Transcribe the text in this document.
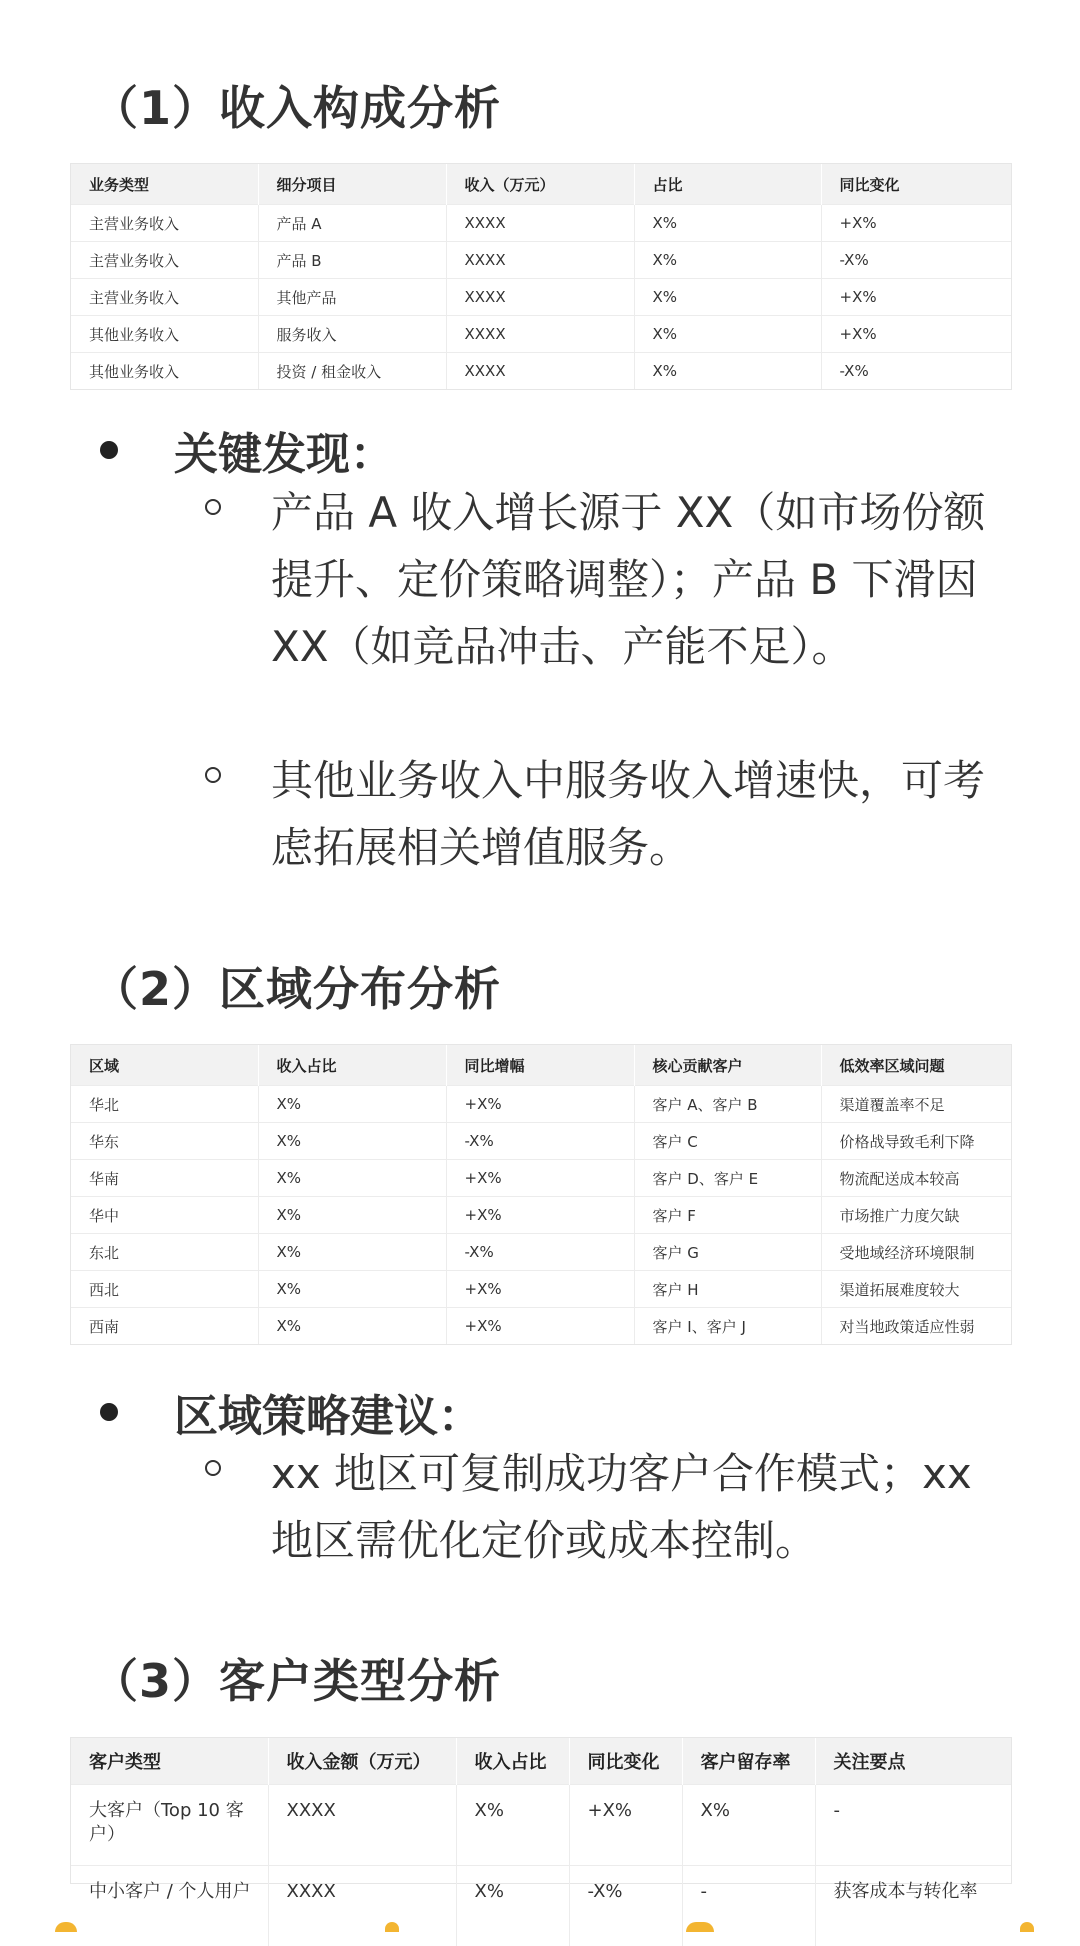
（1）收入构成分析
业务类型	细分项目	收入（万元）	占比	同比变化
主营业务收入	产品 A	XXXX	X%	+X%
主营业务收入	产品 B	XXXX	X%	-X%
主营业务收入	其他产品	XXXX	X%	+X%
其他业务收入	服务收入	XXXX	X%	+X%
其他业务收入	投资 / 租金收入	XXXX	X%	-X%
关键发现：
产品 A 收入增长源于 XX（如市场份额提升、定价策略调整）；产品 B 下滑因 XX（如竞品冲击、产能不足）。
其他业务收入中服务收入增速快，可考虑拓展相关增值服务。
（2）区域分布分析
区域	收入占比	同比增幅	核心贡献客户	低效率区域问题
华北	X%	+X%	客户 A、客户 B	渠道覆盖率不足
华东	X%	-X%	客户 C	价格战导致毛利下降
华南	X%	+X%	客户 D、客户 E	物流配送成本较高
华中	X%	+X%	客户 F	市场推广力度欠缺
东北	X%	-X%	客户 G	受地域经济环境限制
西北	X%	+X%	客户 H	渠道拓展难度较大
西南	X%	+X%	客户 I、客户 J	对当地政策适应性弱
区域策略建议：
xx 地区可复制成功客户合作模式；xx 地区需优化定价或成本控制。
（3）客户类型分析
客户类型	收入金额（万元）	收入占比	同比变化	客户留存率	关注要点
大客户（Top 10 客户）	XXXX	X%	+X%	X%	-
中小客户 / 个人用户	XXXX	X%	-X%	-	获客成本与转化率
